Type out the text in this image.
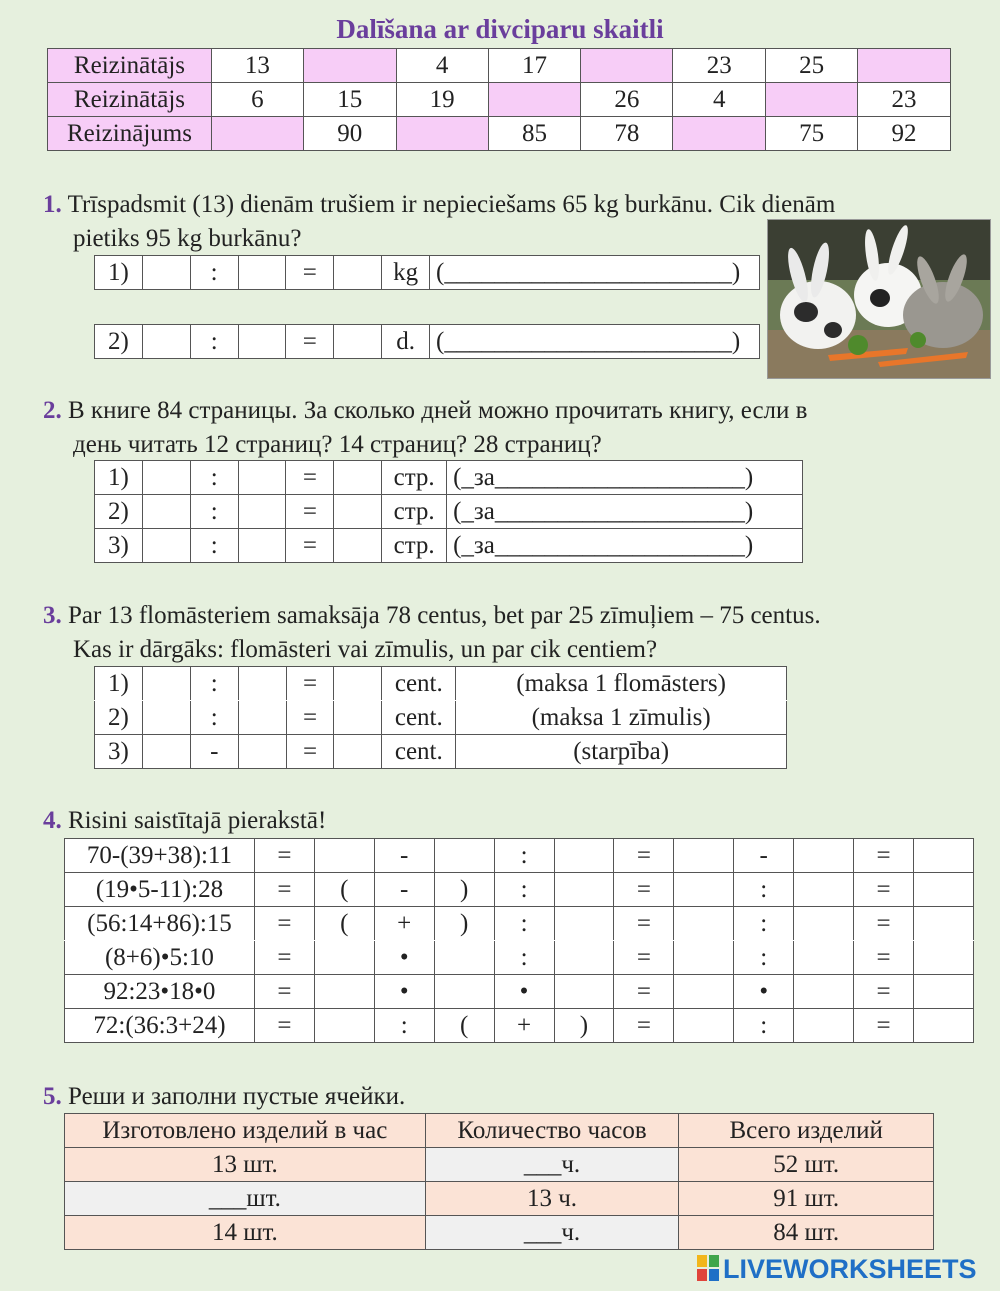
Dalīšana ar divciparu skaitli
Reizinātājs	13		4	17		23	25	
Reizinātājs	6	15	19		26	4		23
Reizinājums		90		85	78		75	92
1. Trīspadsmit (13) dienām trušiem ir nepieciešams 65 kg burkānu. Cik dienām
pietiks 95 kg burkānu?
1)		:		=		kg	(_______________________)
2)		:		=		d.	(_______________________)
2. В книге 84 страницы. За сколько дней можно прочитать книгу, если в
день читать 12 страниц? 14 страниц? 28 страниц?
1)		:		=		стр.	(_за____________________)
2)		:		=		стр.	(_за____________________)
3)		:		=		стр.	(_за____________________)
3. Par 13 flomāsteriem samaksāja 78 centus, bet par 25 zīmuļiem – 75 centus.
Kas ir dārgāks: flomāsteri vai zīmulis, un par cik centiem?
1)		:		=		cent.	(maksa 1 flomāsters)
2)		:		=		cent.	(maksa 1 zīmulis)
3)		-		=		cent.	(starpība)
4. Risini saistītajā pierakstā!
70-(39+38):11	=		-		:		=		-		=	
(19•5-11):28	=	(	-	)	:		=		:		=	
(56:14+86):15	=	(	+	)	:		=		:		=	
(8+6)•5:10	=		•		:		=		:		=	
92:23•18•0	=		•		•		=		•		=	
72:(36:3+24)	=		:	(	+	)	=		:		=	
5. Реши и заполни пустые ячейки.
Изготовлено изделий в час	Количество часов	Всего изделий
13 шт.	___ч.	52 шт.
___шт.	13 ч.	91 шт.
14 шт.	___ч.	84 шт.
LIVEWORKSHEETS
